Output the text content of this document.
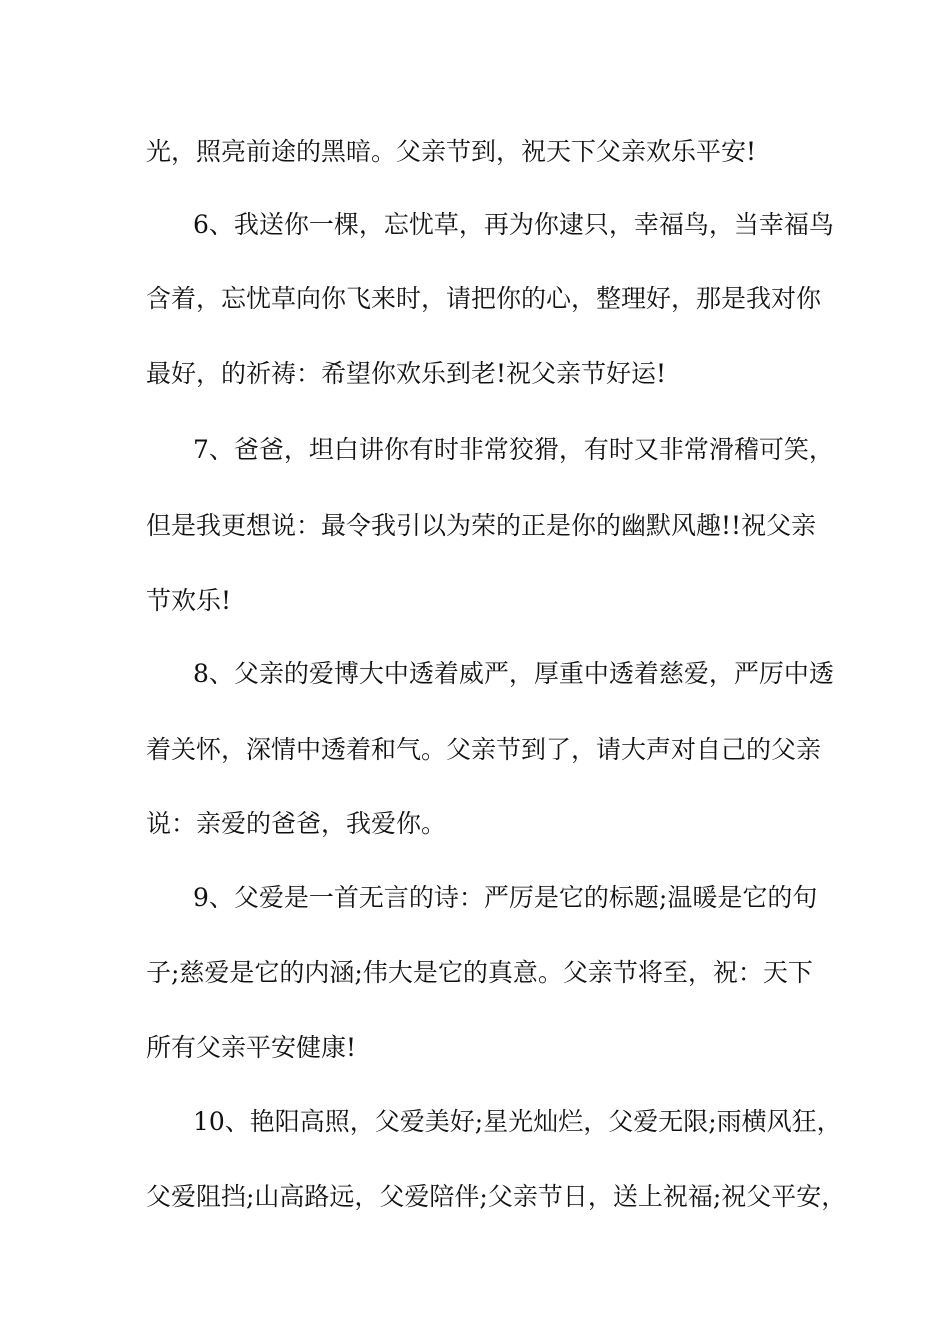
光，照亮前途的黑暗。父亲节到，祝天下父亲欢乐平安!
6、我送你一棵，忘忧草，再为你逮只，幸福鸟，当幸福鸟
含着，忘忧草向你飞来时，请把你的心，整理好，那是我对你
最好，的祈祷：希望你欢乐到老!祝父亲节好运!
7、爸爸，坦白讲你有时非常狡猾，有时又非常滑稽可笑，
但是我更想说：最令我引以为荣的正是你的幽默风趣!!祝父亲
节欢乐!
8、父亲的爱博大中透着威严，厚重中透着慈爱，严厉中透
着关怀，深情中透着和气。父亲节到了，请大声对自己的父亲
说：亲爱的爸爸，我爱你。
9、父爱是一首无言的诗：严厉是它的标题;温暖是它的句
子;慈爱是它的内涵;伟大是它的真意。父亲节将至，祝：天下
所有父亲平安健康!
10、艳阳高照，父爱美好;星光灿烂，父爱无限;雨横风狂，
父爱阻挡;山高路远，父爱陪伴;父亲节日，送上祝福;祝父平安，
